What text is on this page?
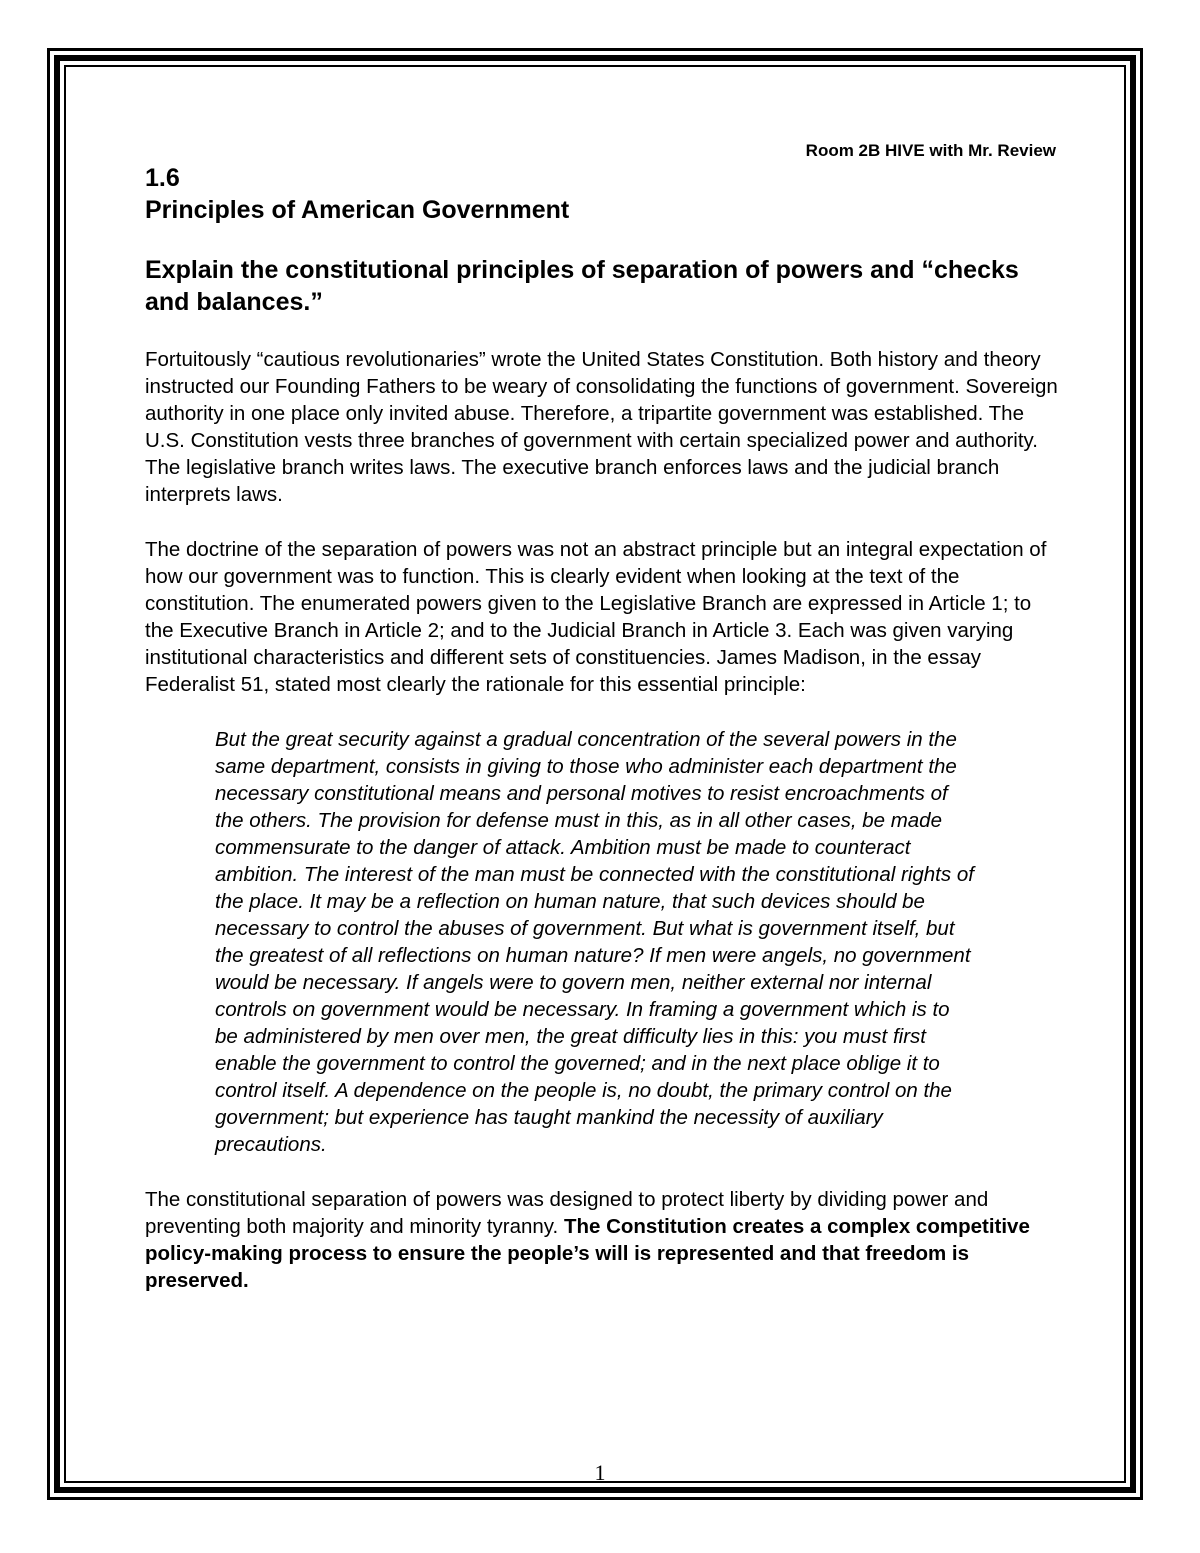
Room 2B HIVE with Mr. Review
1.6
Principles of American Government
Explain the constitutional principles of separation of powers and “checks and balances.”

Fortuitously “cautious revolutionaries” wrote the United States Constitution. Both history and theory instructed our Founding Fathers to be weary of consolidating the functions of government. Sovereign authority in one place only invited abuse. Therefore, a tripartite government was established. The U.S. Constitution vests three branches of government with certain specialized power and authority. The legislative branch writes laws. The executive branch enforces laws and the judicial branch interprets laws.

The doctrine of the separation of powers was not an abstract principle but an integral expectation of how our government was to function. This is clearly evident when looking at the text of the constitution. The enumerated powers given to the Legislative Branch are expressed in Article 1; to the Executive Branch in Article 2; and to the Judicial Branch in Article 3. Each was given varying institutional characteristics and different sets of constituencies. James Madison, in the essay Federalist 51, stated most clearly the rationale for this essential principle:

But the great security against a gradual concentration of the several powers in the same department, consists in giving to those who administer each department the necessary constitutional means and personal motives to resist encroachments of the others. The provision for defense must in this, as in all other cases, be made commensurate to the danger of attack. Ambition must be made to counteract ambition. The interest of the man must be connected with the constitutional rights of the place. It may be a reflection on human nature, that such devices should be necessary to control the abuses of government. But what is government itself, but the greatest of all reflections on human nature? If men were angels, no government would be necessary. If angels were to govern men, neither external nor internal controls on government would be necessary. In framing a government which is to be administered by men over men, the great difficulty lies in this: you must first enable the government to control the governed; and in the next place oblige it to control itself. A dependence on the people is, no doubt, the primary control on the government; but experience has taught mankind the necessity of auxiliary precautions.

The constitutional separation of powers was designed to protect liberty by dividing power and preventing both majority and minority tyranny. The Constitution creates a complex competitive policy-making process to ensure the people’s will is represented and that freedom is preserved.

1
